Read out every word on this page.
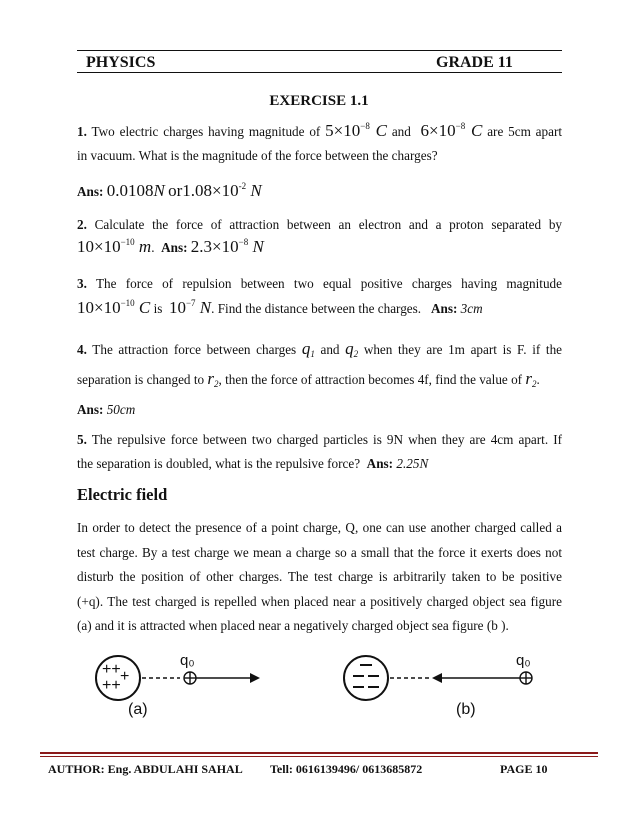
PHYSICS	GRADE 11
EXERCISE 1.1
1. Two electric charges having magnitude of $5\times 10^{-8}$ C and $6\times 10^{-8}$ C are 5cm apart
in vacuum. What is the magnitude of the force between the charges?
Ans: 0.0108N $or1.08\times 10^{-2}$ N
2. Calculate the force of attraction between an electron and a proton separated by
$10\times 10^{-10}$ m. Ans: $2.3\times 10^{-8}$ N
3. The force of repulsion between two equal positive charges having magnitude
$10\times 10^{-10}$ C is $10^{-7}$ N. Find the distance between the charges. Ans: 3cm
4. The attraction force between charges $q_1$ and $q_2$ when they are 1m apart is F. if the
separation is changed to $r_2$, then the force of attraction becomes 4f, find the value of $r_2$.
Ans: 50cm
5. The repulsive force between two charged particles is 9N when they are 4cm apart. If
the separation is doubled, what is the repulsive force? Ans: 2.25N
Electric field
In order to detect the presence of a point charge, Q, one can use another charged called a
test charge. By a test charge we mean a charge so a small that the force it exerts does not
disturb the position of other charges. The test charge is arbitrarily taken to be positive
(+q). The test charged is repelled when placed near a positively charged object sea figure
(a) and it is attracted when placed near a negatively charged object sea figure (b ).
++ +
++
q₀
(a)
q₀
(b)
AUTHOR: Eng. ABDULAHI SAHAL Tell: 0616139496/ 0613685872	PAGE 10
